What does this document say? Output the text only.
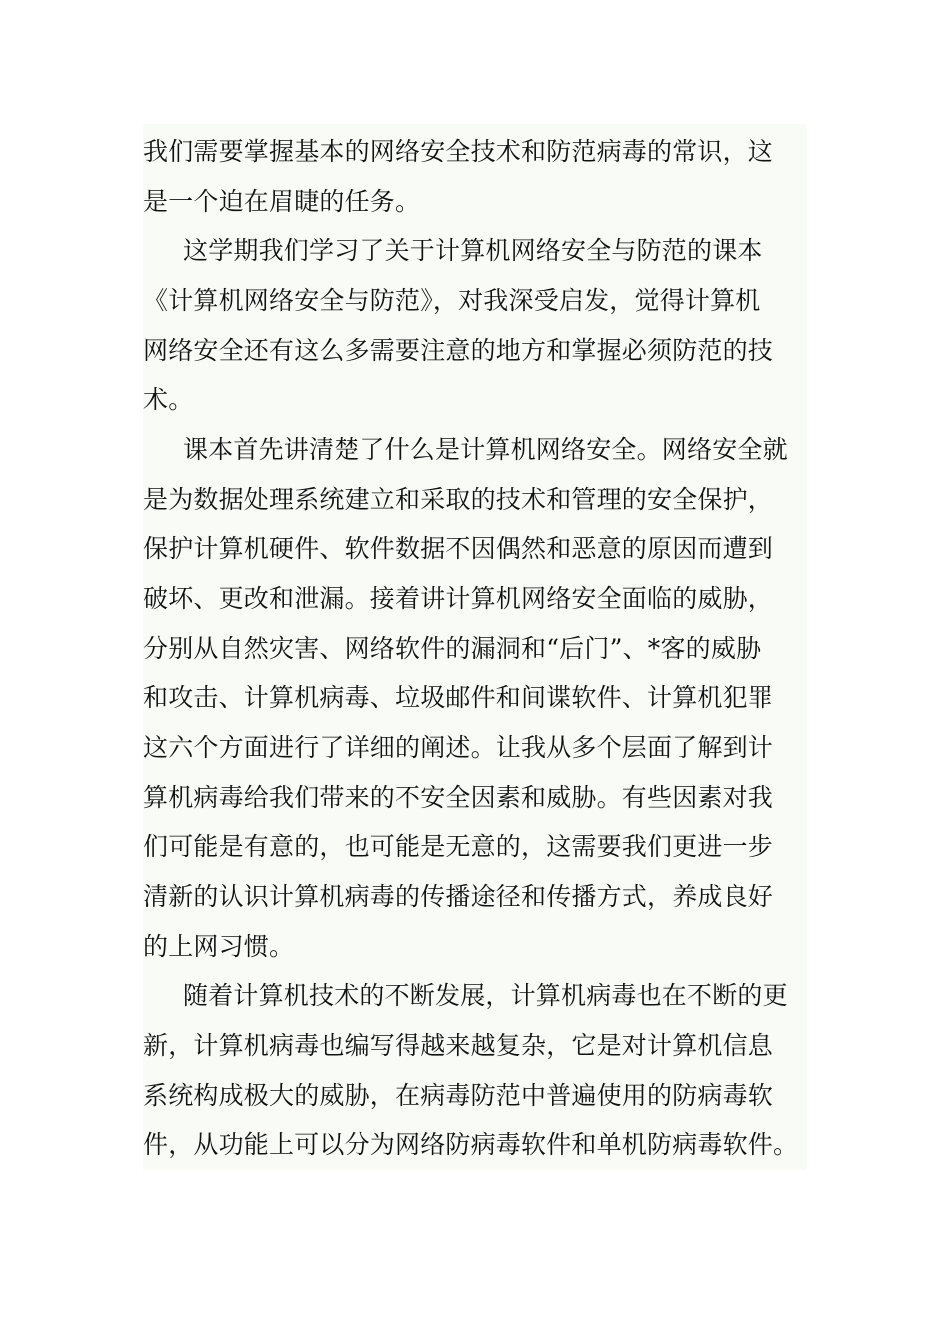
我们需要掌握基本的网络安全技术和防范病毒的常识，这
是一个迫在眉睫的任务。
这学期我们学习了关于计算机网络安全与防范的课本
《计算机网络安全与防范》，对我深受启发，觉得计算机
网络安全还有这么多需要注意的地方和掌握必须防范的技
术。
课本首先讲清楚了什么是计算机网络安全。网络安全就
是为数据处理系统建立和采取的技术和管理的安全保护，
保护计算机硬件、软件数据不因偶然和恶意的原因而遭到
破坏、更改和泄漏。接着讲计算机网络安全面临的威胁，
分别从自然灾害、网络软件的漏洞和“后门”、*客的威胁
和攻击、计算机病毒、垃圾邮件和间谍软件、计算机犯罪
这六个方面进行了详细的阐述。让我从多个层面了解到计
算机病毒给我们带来的不安全因素和威胁。有些因素对我
们可能是有意的，也可能是无意的，这需要我们更进一步
清新的认识计算机病毒的传播途径和传播方式，养成良好
的上网习惯。
随着计算机技术的不断发展，计算机病毒也在不断的更
新，计算机病毒也编写得越来越复杂，它是对计算机信息
系统构成极大的威胁，在病毒防范中普遍使用的防病毒软
件，从功能上可以分为网络防病毒软件和单机防病毒软件。
